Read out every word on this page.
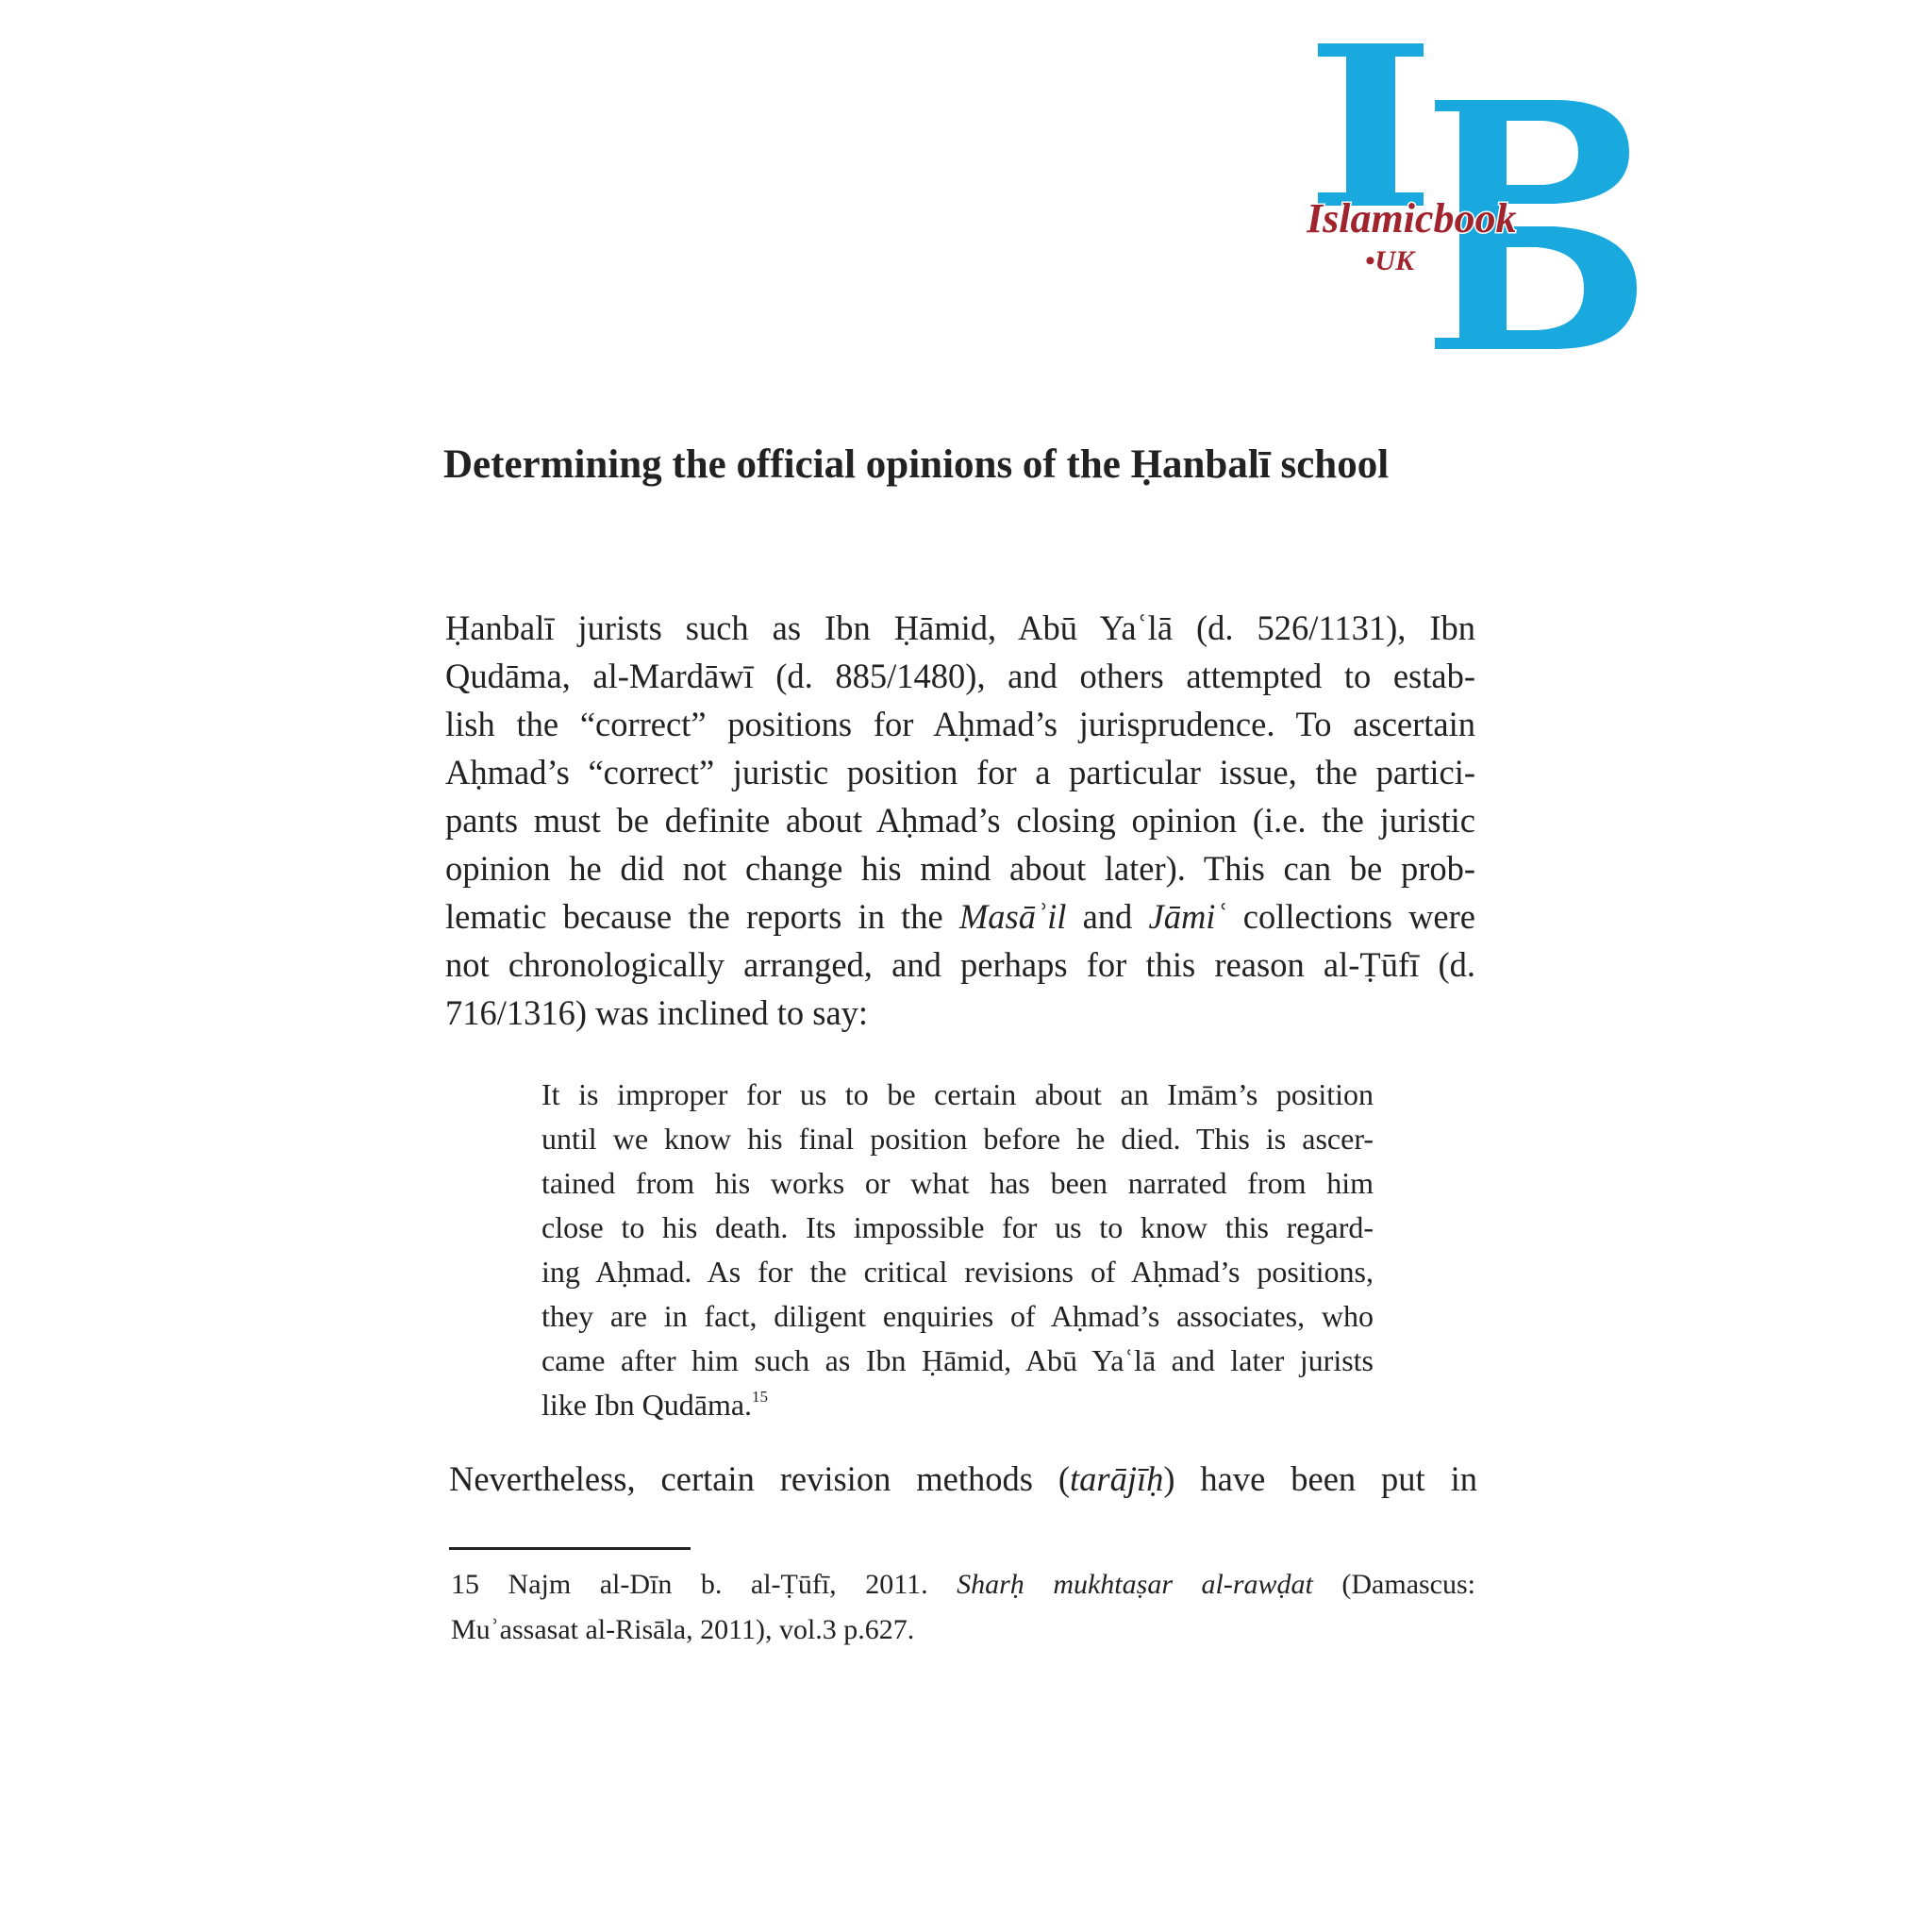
Islamicbook
•UK
Determining the official opinions of the Ḥanbalī school
Ḥanbalī jurists such as Ibn Ḥāmid, Abū Yaʿlā (d. 526/1131), Ibn
Qudāma, al-Mardāwī (d. 885/1480), and others attempted to estab-
lish the “correct” positions for Aḥmad’s jurisprudence. To ascertain
Aḥmad’s “correct” juristic position for a particular issue, the partici-
pants must be definite about Aḥmad’s closing opinion (i.e. the juristic
opinion he did not change his mind about later). This can be prob-
lematic because the reports in the Masāʾil and Jāmiʿ collections were
not chronologically arranged, and perhaps for this reason al-Ṭūfī (d.
716/1316) was inclined to say:
It is improper for us to be certain about an Imām’s position
until we know his final position before he died. This is ascer-
tained from his works or what has been narrated from him
close to his death. Its impossible for us to know this regard-
ing Aḥmad. As for the critical revisions of Aḥmad’s positions,
they are in fact, diligent enquiries of Aḥmad’s associates, who
came after him such as Ibn Ḥāmid, Abū Yaʿlā and later jurists
like Ibn Qudāma.$^{15}$
Nevertheless, certain revision methods (tarājīḥ) have been put in
15 Najm al-Dīn b. al-Ṭūfī, 2011. Sharḥ mukhtaṣar al-rawḍat (Damascus:
Muʾassasat al-Risāla, 2011), vol.3 p.627.
